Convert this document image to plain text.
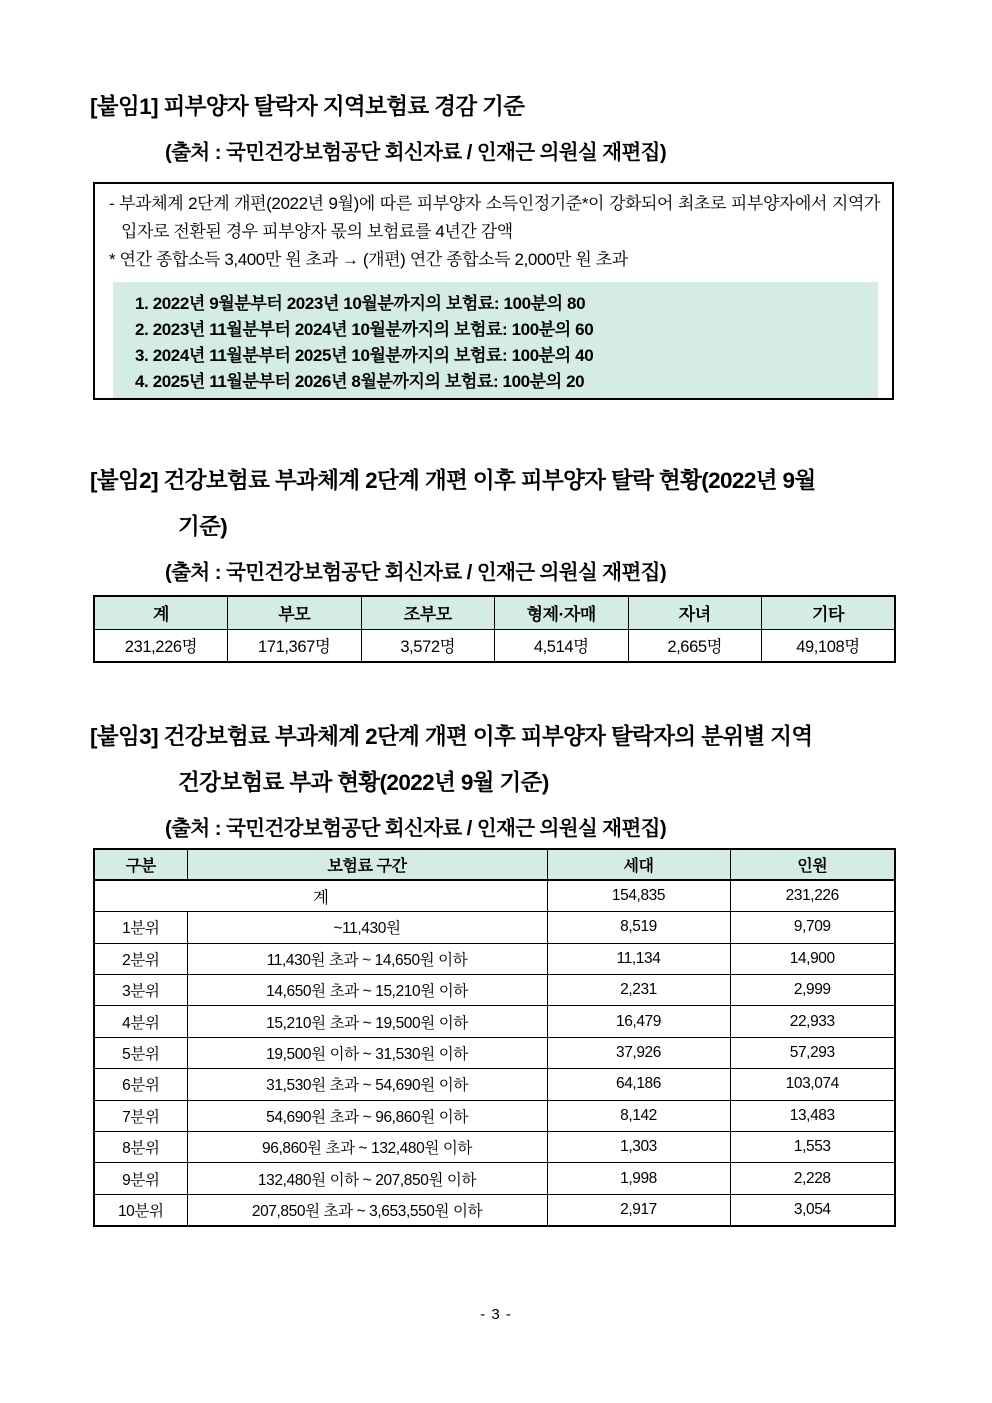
[붙임1] 피부양자 탈락자 지역보험료 경감 기준
(출처 : 국민건강보험공단 회신자료 / 인재근 의원실 재편집)
- 부과체계 2단계 개편(2022년 9월)에 따른 피부양자 소득인정기준*이 강화되어 최초로 피부양자에서 지역가입자로 전환된 경우 피부양자 몫의 보험료를 4년간 감액
* 연간 종합소득 3,400만 원 초과 → (개편) 연간 종합소득 2,000만 원 초과
1. 2022년 9월분부터 2023년 10월분까지의 보험료: 100분의 80
2. 2023년 11월분부터 2024년 10월분까지의 보험료: 100분의 60
3. 2024년 11월분부터 2025년 10월분까지의 보험료: 100분의 40
4. 2025년 11월분부터 2026년 8월분까지의 보험료: 100분의 20
[붙임2] 건강보험료 부과체계 2단계 개편 이후 피부양자 탈락 현황(2022년 9월
기준)
(출처 : 국민건강보험공단 회신자료 / 인재근 의원실 재편집)
계	부모	조부모	형제·자매	자녀	기타
231,226명	171,367명	3,572명	4,514명	2,665명	49,108명
[붙임3] 건강보험료 부과체계 2단계 개편 이후 피부양자 탈락자의 분위별 지역
건강보험료 부과 현황(2022년 9월 기준)
(출처 : 국민건강보험공단 회신자료 / 인재근 의원실 재편집)
구분	보험료 구간	세대	인원
계		154,835	231,226
1분위	~11,430원	8,519	9,709
2분위	11,430원 초과 ~ 14,650원 이하	11,134	14,900
3분위	14,650원 초과 ~ 15,210원 이하	2,231	2,999
4분위	15,210원 초과 ~ 19,500원 이하	16,479	22,933
5분위	19,500원 이하 ~ 31,530원 이하	37,926	57,293
6분위	31,530원 초과 ~ 54,690원 이하	64,186	103,074
7분위	54,690원 초과 ~ 96,860원 이하	8,142	13,483
8분위	96,860원 초과 ~ 132,480원 이하	1,303	1,553
9분위	132,480원 이하 ~ 207,850원 이하	1,998	2,228
10분위	207,850원 초과 ~ 3,653,550원 이하	2,917	3,054
- 3 -
